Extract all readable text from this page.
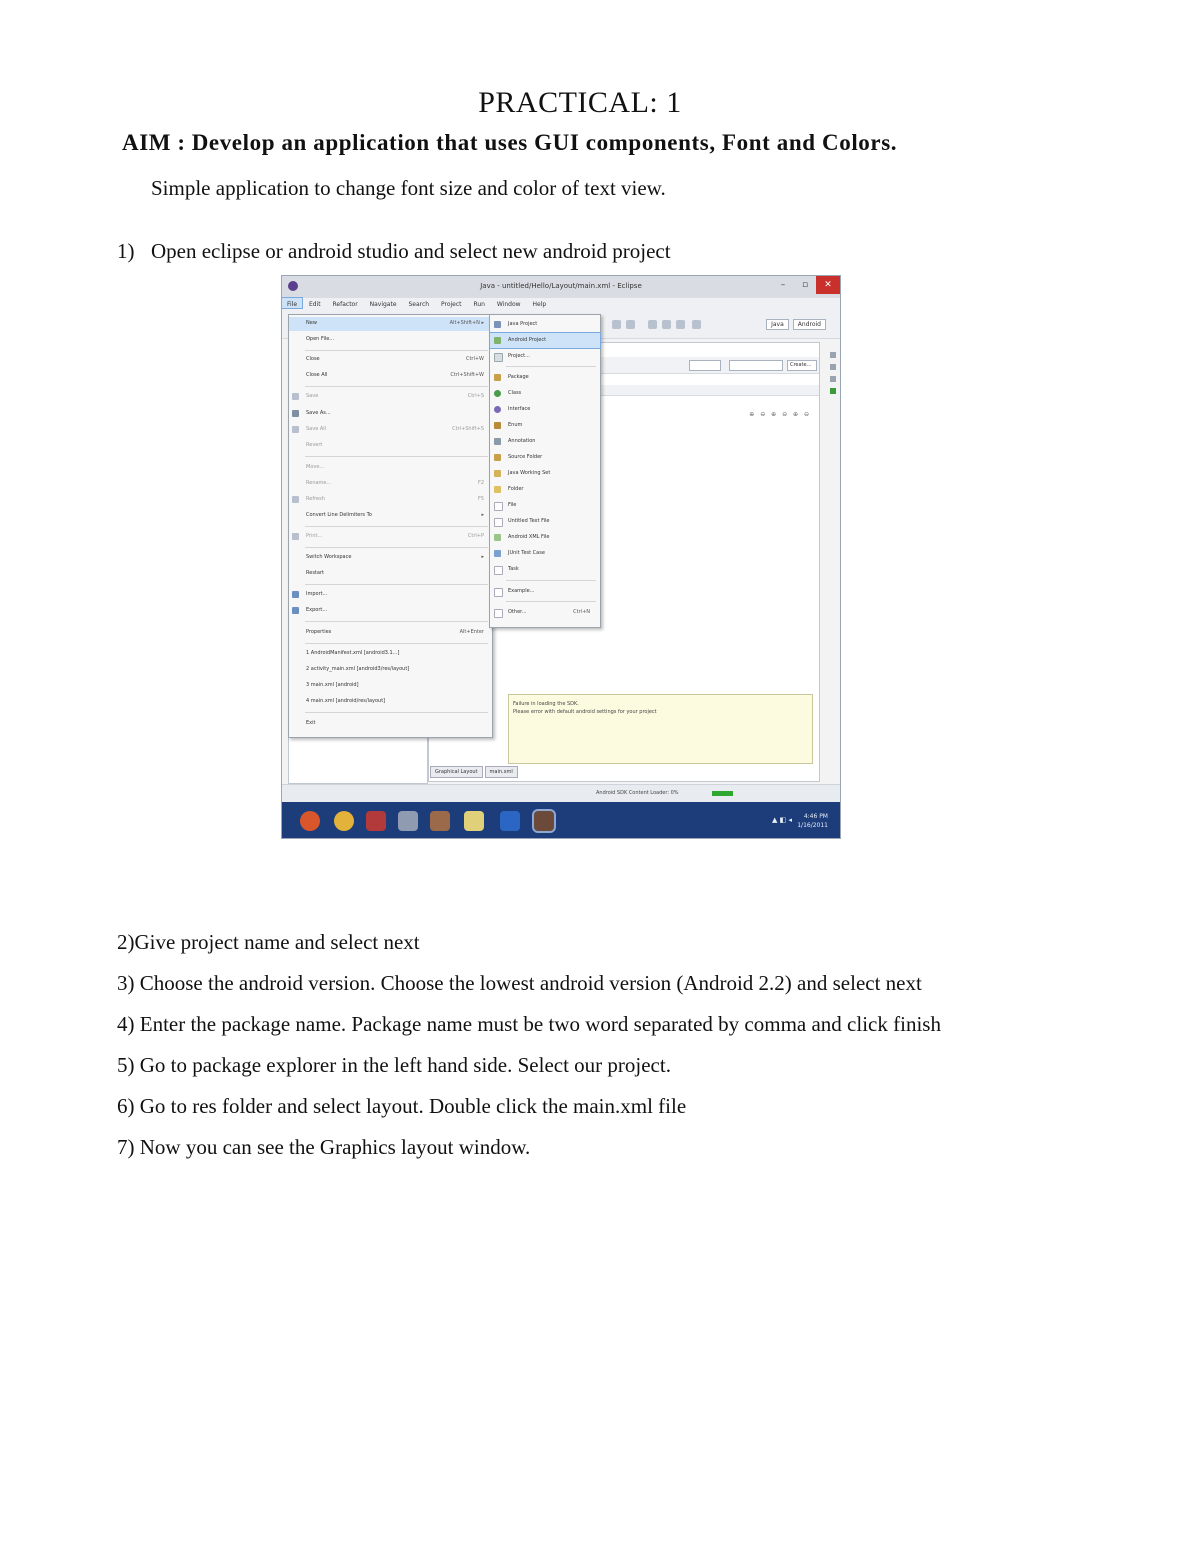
PRACTICAL: 1
AIM : Develop an application that uses GUI components, Font and Colors.
Simple application to change font size and color of text view.
1) Open eclipse or android studio and select new android project
Java - untitled/Hello/Layout/main.xml - Eclipse	–	▫	✕
File Edit Refactor Navigate Search Project Run Window Help
Java Android
Create...
⊕ ⊖ ⊕ ⊖ ⊕ ⊖
Failure in loading the SDK.
Please error with default android settings for your project
Graphical Layout main.xml
New	Alt+Shift+N ▸
Open File...
Close	Ctrl+W
Close All	Ctrl+Shift+W
Save	Ctrl+S
Save As...
Save All	Ctrl+Shift+S
Revert
Move...
Rename...	F2
Refresh	F5
Convert Line Delimiters To	▸
Print...	Ctrl+P
Switch Workspace	▸
Restart
Import...
Export...
Properties	Alt+Enter
1 AndroidManifest.xml [android3.1...]
2 activity_main.xml [android3/res/layout]
3 main.xml [android]
4 main.xml [android/res/layout]
Exit
Java Project
Android Project
Project...
Package
Class
Interface
Enum
Annotation
Source Folder
Java Working Set
Folder
File
Untitled Text File
Android XML File
JUnit Test Case
Task
Example...
Other...	Ctrl+N
Android SDK Content Loader: 0%
▲ ◧ ◂	4:46 PM
1/16/2011
2)Give project name and select next
3) Choose the android version. Choose the lowest android version (Android 2.2) and select next
4) Enter the package name. Package name must be two word separated by comma and click finish
5) Go to package explorer in the left hand side. Select our project.
6) Go to res folder and select layout. Double click the main.xml file
7) Now you can see the Graphics layout window.
